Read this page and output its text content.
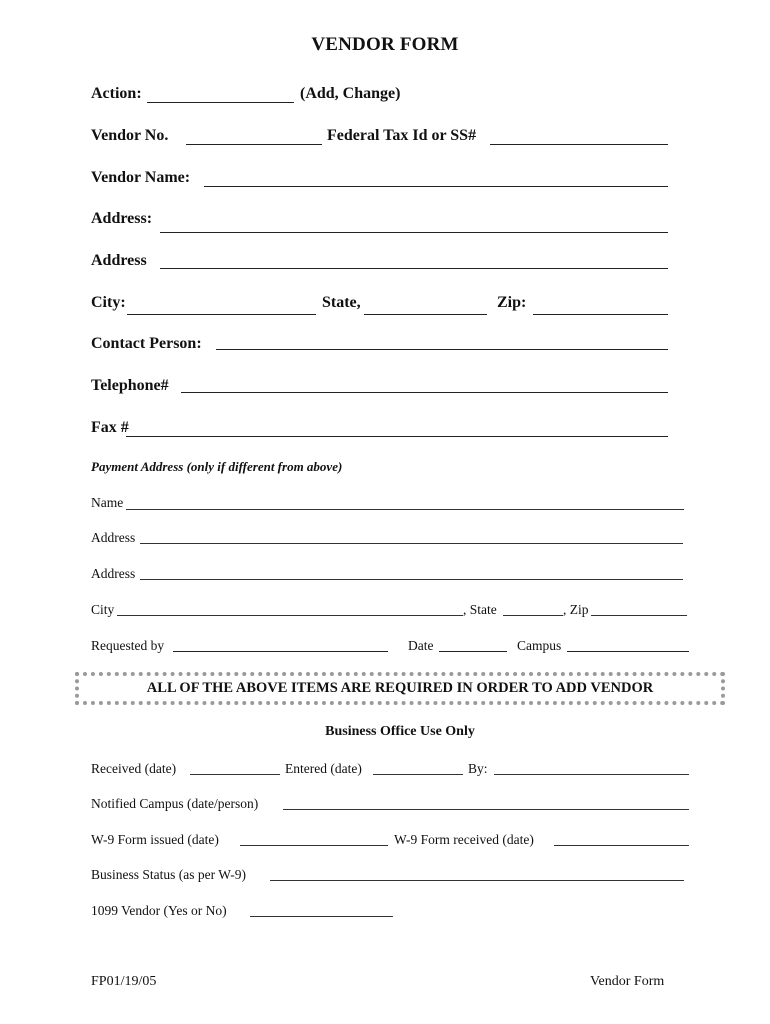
VENDOR FORM
Action:	(Add, Change)
Vendor No.	Federal Tax Id or SS#
Vendor Name:
Address:
Address
City:	State,	Zip:
Contact Person:
Telephone#
Fax #
Payment Address (only if different from above)
Name
Address
Address
City	, State	, Zip
Requested by	Date	Campus
ALL OF THE ABOVE ITEMS ARE REQUIRED IN ORDER TO ADD VENDOR
Business Office Use Only
Received (date)	Entered (date)	By:
Notified Campus (date/person)
W-9 Form issued (date)	W-9 Form received (date)
Business Status (as per W-9)
1099 Vendor (Yes or No)
FP01/19/05	Vendor Form
